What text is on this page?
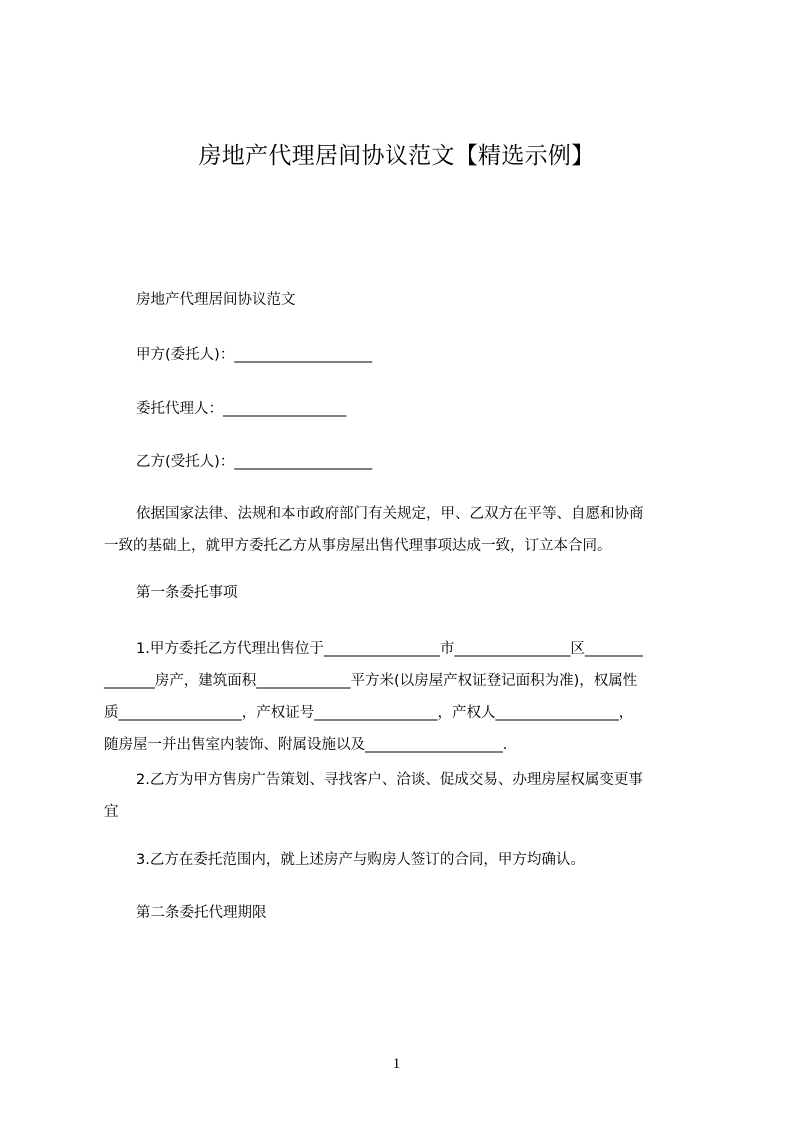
房地产代理居间协议范文【精选示例】

房地产代理居间协议范文

甲方(委托人)：___________________

委托代理人：_________________

乙方(受托人)：___________________

依据国家法律、法规和本市政府部门有关规定，甲、乙双方在平等、自愿和协商
一致的基础上，就甲方委托乙方从事房屋出售代理事项达成一致，订立本合同。

第一条委托事项

1.甲方委托乙方代理出售位于________________市________________区________
_______房产，建筑面积_____________平方米(以房屋产权证登记面积为准)，权属性
质_________________，产权证号_________________，产权人_________________，
随房屋一并出售室内装饰、附属设施以及___________________.
2.乙方为甲方售房广告策划、寻找客户、洽谈、促成交易、办理房屋权属变更事
宜

3.乙方在委托范围内，就上述房产与购房人签订的合同，甲方均确认。

第二条委托代理期限

1
